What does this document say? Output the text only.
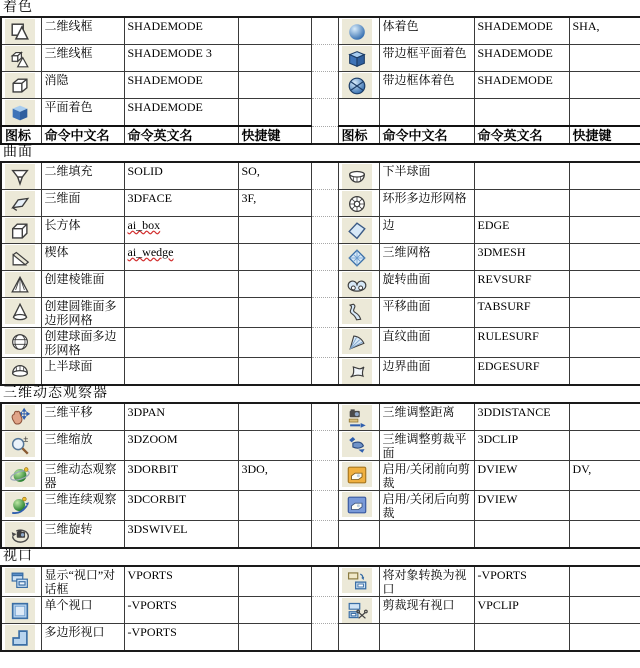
着色
	二维线框	SHADEMODE				体着色	SHADEMODE	SHA,

	三维线框	SHADEMODE 3				带边框平面着色	SHADEMODE	

	消隐	SHADEMODE				带边框体着色	SHADEMODE	

	平面着色	SHADEMODE						
图标	命令中文名	命令英文名	快捷键		图标	命令中文名	命令英文名	快捷键
曲面
	二维填充	SOLID	SO,			下半球面		

	三维面	3DFACE	3F,			环形多边形网格		

	长方体	ai_box				边	EDGE	

	楔体	ai_wedge				三维网格	3DMESH	

	创建棱锥面					旋转曲面	REVSURF	

	创建圆锥面多边形网格					平移曲面	TABSURF	

	创建球面多边形网格					直纹曲面	RULESURF	

	上半球面					边界曲面	EDGESURF	
三维动态观察器
	三维平移	3DPAN				三维调整距离	3DDISTANCE	

±	三维缩放	3DZOOM				三维调整剪裁平面	3DCLIP	

	三维动态观察器	3DORBIT	3DO,			启用/关闭前向剪裁	DVIEW	DV,

	三维连续观察	3DCORBIT				启用/关闭后向剪裁	DVIEW	

	三维旋转	3DSWIVEL						
视口
	显示“视口”对话框	VPORTS				将对象转换为视口	-VPORTS	

	单个视口	-VPORTS				剪裁现有视口	VPCLIP	

	多边形视口	-VPORTS						
